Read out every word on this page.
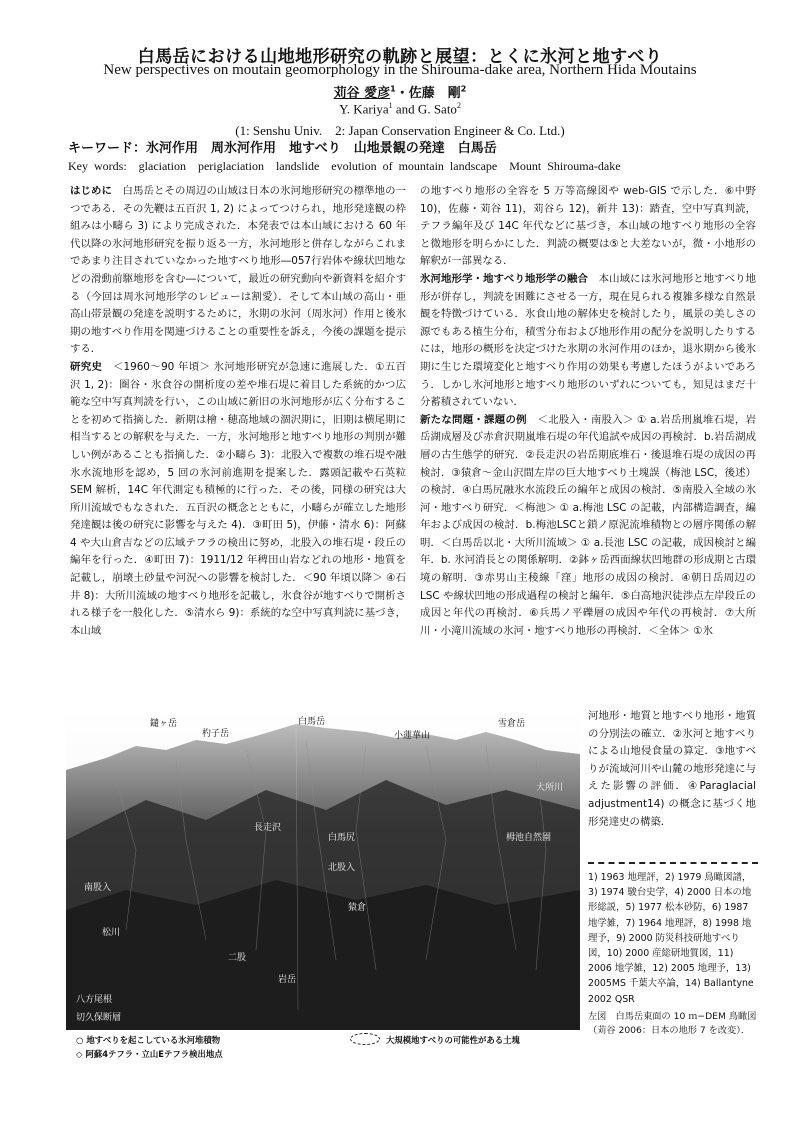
白馬岳における山地地形研究の軌跡と展望：とくに氷河と地すべり
New perspectives on moutain geomorphology in the Shirouma-dake area, Northern Hida Moutains
苅谷 愛彦$^1$・佐藤　剛$^2$
Y. Kariya$^1$ and G. Sato$^2$
(1: Senshu Univ.　2: Japan Conservation Engineer & Co. Ltd.)
キーワード：氷河作用　周氷河作用　地すべり　山地景観の発達　白馬岳
Key words:　glaciation　periglaciation　landslide　evolution of mountain landscape　Mount Shirouma-dake

はじめに　白馬岳とその周辺の山域は日本の氷河地形研究の標準地の一つである．その先鞭は五百沢 1, 2) によってつけられ，地形発達観の枠組みは小疇ら 3) により完成された．本発表では本山域における 60 年代以降の氷河地形研究を振り返る一方，氷河地形と併存しながらこれまであまり注目されていなかった地すべり地形―057行岩体や線状凹地などの滑動前駆地形を含む―について，最近の研究動向や新資料を紹介する（今回は周氷河地形学のレビューは割愛）．そして本山域の高山・亜高山帯景観の発達を説明するために，氷期の氷河（周氷河）作用と後氷期の地すべり作用を関連づけることの重要性を訴え，今後の課題を提示する．

研究史　＜1960〜90 年頃＞ 氷河地形研究が急速に進展した．①五百沢 1, 2)：圏谷・氷食谷の開析度の差や堆石堤に着目した系統的かつ広範な空中写真判読を行い，この山域に新旧の氷河地形が広く分布することを初めて指摘した．新期は檜・穂高地域の涸沢期に，旧期は横尾期に相当するとの解釈を与えた．一方，氷河地形と地すべり地形の判別が難しい例があることも指摘した．②小疇ら 3)：北股入で複数の堆石堤や融氷水流地形を認め，5 回の氷河前進期を提案した．露頭記載や石英粒 SEM 解析，14C 年代測定も積極的に行った．その後，同様の研究は大所川流域でもなされた．五百沢の概念とともに，小疇らが確立した地形発達観は後の研究に影響を与えた 4)．③町田 5)，伊藤・清水 6)：阿蘇 4 や大山倉吉などの広域テフラの検出に努め，北股入の堆石堤・段丘の編年を行った．④町田 7)：1911/12 年稗田山岩などれの地形・地質を記載し，崩壊土砂量や河況への影響を検討した．＜90 年頃以降＞ ④石井 8)：大所川流域の地すべり地形を記載し，氷食谷が地すべりで開析される様子を一般化した．⑤清水ら 9)：系統的な空中写真判読に基づき，本山域

の地すべり地形の全容を 5 万等高線図や web-GIS で示した．⑥中野 10)，佐藤・苅谷 11)，苅谷ら 12)，新井 13)：踏査，空中写真判読，テフラ編年及び 14C 年代などに基づき，本山域の地すべり地形の全容と微地形を明らかにした．判読の概要は⑤と大差ないが，微・小地形の解釈が一部異なる．

氷河地形学・地すべり地形学の融合　本山域には氷河地形と地すべり地形が併存し，判読を困難にさせる一方，現在見られる複雑多様な自然景観を特徴づけている．氷食山地の解体史を検討したり，風景の美しさの源でもある植生分布，積雪分布および地形作用の配分を説明したりするには，地形の概形を決定づけた氷期の氷河作用のほか，退氷期から後氷期に生じた環境変化と地すべり作用の効果も考慮したほうがよいであろう．しかし氷河地形と地すべり地形のいずれについても，知見はまだ十分蓄積されていない．

新たな問題・課題の例　＜北股入・南股入＞ ① a.岩岳刑嵐堆石堤，岩岳湖成層及び赤倉沢期嵐堆石堤の年代追試や成因の再検討．b.岩岳湖成層の古生態学的研究．②長走沢の岩岳期底堆石・後退堆石堤の成因の再検討．③猿倉〜金山沢間左岸の巨大地すべり土塊誤（梅池 LSC，後述）の検討．④白馬尻融氷水流段丘の編年と成因の検討．⑤南股入全域の氷河・地すべり研究．＜梅池＞ ① a.梅池 LSC の記載，内部構造調査，編年および成因の検討．b.梅池LSCと鎖ノ原泥流堆積物との層序関係の解明．＜白馬岳以北・大所川流域＞ ① a.長池 LSC の記載，成因検討と編年．b. 氷河消長との関係解明．②鉢ヶ岳西面線状凹地群の形成期と古環境の解明．③赤男山主稜線「窪」地形の成因の検討．④朝日岳周辺の LSC や線状凹地の形成過程の検討と編年．⑤白高地沢徒渉点左岸段丘の成因と年代の再検討．⑥兵馬ノ平礫層の成因や年代の再検討．⑦大所川・小滝川流域の氷河・地すべり地形の再検討．＜全体＞ ①氷

河地形・地質と地すべり地形・地質の分別法の確立．②氷河と地すべりによる山地侵食量の算定．③地すべりが流域河川や山麓の地形発達に与えた影響の評価．④Paraglacial adjustment14) の概念に基づく地形発達史の構築．
1) 1963 地理評，2) 1979 鳥瞰図譜，3) 1974 駿台史学，4) 2000 日本の地形総説，5) 1977 松本砂防，6) 1987 地学雑，7) 1964 地理評，8) 1998 地理予，9) 2000 防災科技研地すべり図，10) 2000 産総研地質図，11) 2006 地学雑，12) 2005 地理予，13) 2005MS 千葉大卒論，14) Ballantyne 2002 QSR
左図　白馬岳東面の 10 ｍ−DEM 鳥瞰図（苅谷 2006：日本の地形 7 を改変）．
鑓ヶ岳
杓子岳
白馬岳
小蓮華山
雪倉岳
長走沢
白馬尻
猿倉
北股入
南股入
松川
二股
岩岳
八方尾根
切久保断層
栂池自然園
大所川
○ 地すべりを起こしている氷河堆積物
◇ 阿蘇4テフラ・立山Eテフラ検出地点
大規模地すべりの可能性がある土塊
